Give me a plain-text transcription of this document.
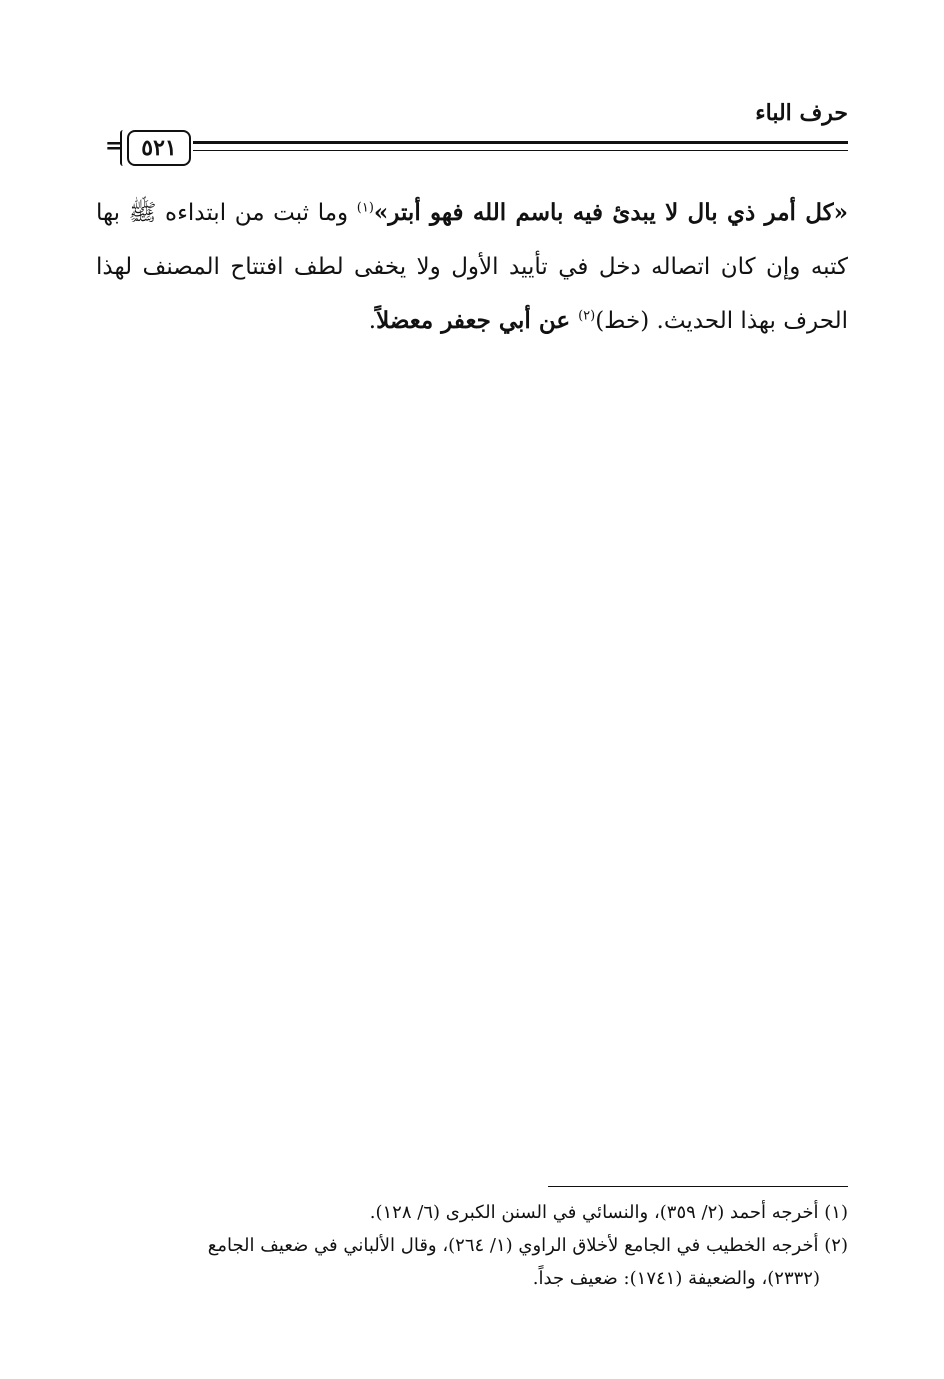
حرف الباء
= ٥٢١
«كل أمر ذي بال لا يبدئ فيه باسم الله فهو أبتر»$^{(١)}$ وما ثبت من ابتداءه ﷺ بها كتبه وإن كان اتصاله دخل في تأييد الأول ولا يخفى لطف افتتاح المصنف لهذا الحرف بهذا الحديث. (خط)$^{(٢)}$ عن أبي جعفر معضلاً.

(١) أخرجه أحمد (٢/ ٣٥٩)، والنسائي في السنن الكبرى (٦/ ١٢٨).

(٢) أخرجه الخطيب في الجامع لأخلاق الراوي (١/ ٢٦٤)، وقال الألباني في ضعيف الجامع

(٢٣٣٢)، والضعيفة (١٧٤١): ضعيف جداً.
